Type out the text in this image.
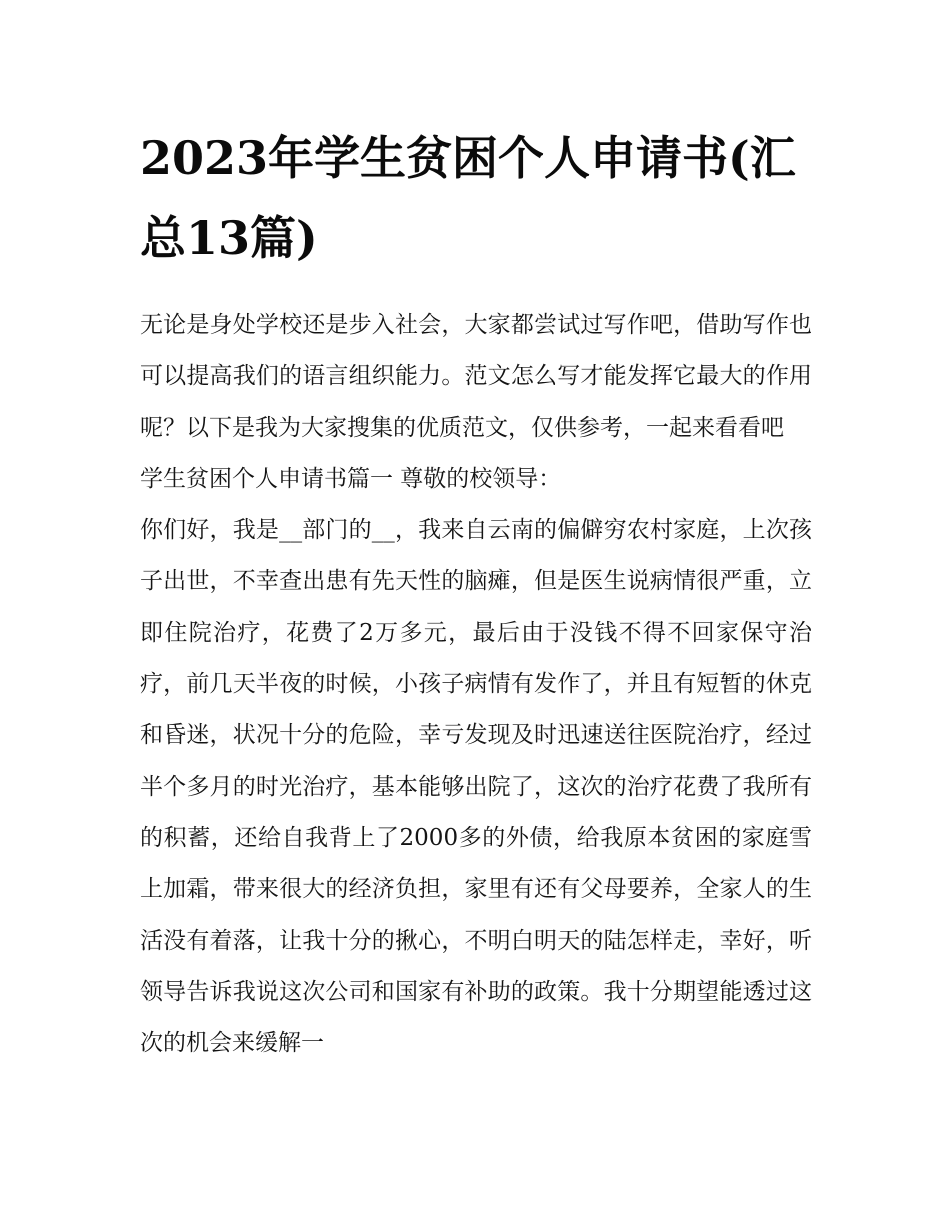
2023年学生贫困个人申请书(汇总13篇)

无论是身处学校还是步入社会，大家都尝试过写作吧，借助写作也可以提高我们的语言组织能力。范文怎么写才能发挥它最大的作用呢？以下是我为大家搜集的优质范文，仅供参考，一起来看看吧

学生贫困个人申请书篇一 尊敬的校领导：

你们好，我是__部门的__，我来自云南的偏僻穷农村家庭，上次孩子出世，不幸查出患有先天性的脑瘫，但是医生说病情很严重，立即住院治疗，花费了2万多元，最后由于没钱不得不回家保守治疗，前几天半夜的时候，小孩子病情有发作了，并且有短暂的休克和昏迷，状况十分的危险，幸亏发现及时迅速送往医院治疗，经过半个多月的时光治疗，基本能够出院了，这次的治疗花费了我所有的积蓄，还给自我背上了2000多的外债，给我原本贫困的家庭雪上加霜，带来很大的经济负担，家里有还有父母要养，全家人的生活没有着落，让我十分的揪心，不明白明天的陆怎样走，幸好，听领导告诉我说这次公司和国家有补助的政策。我十分期望能透过这次的机会来缓解一
